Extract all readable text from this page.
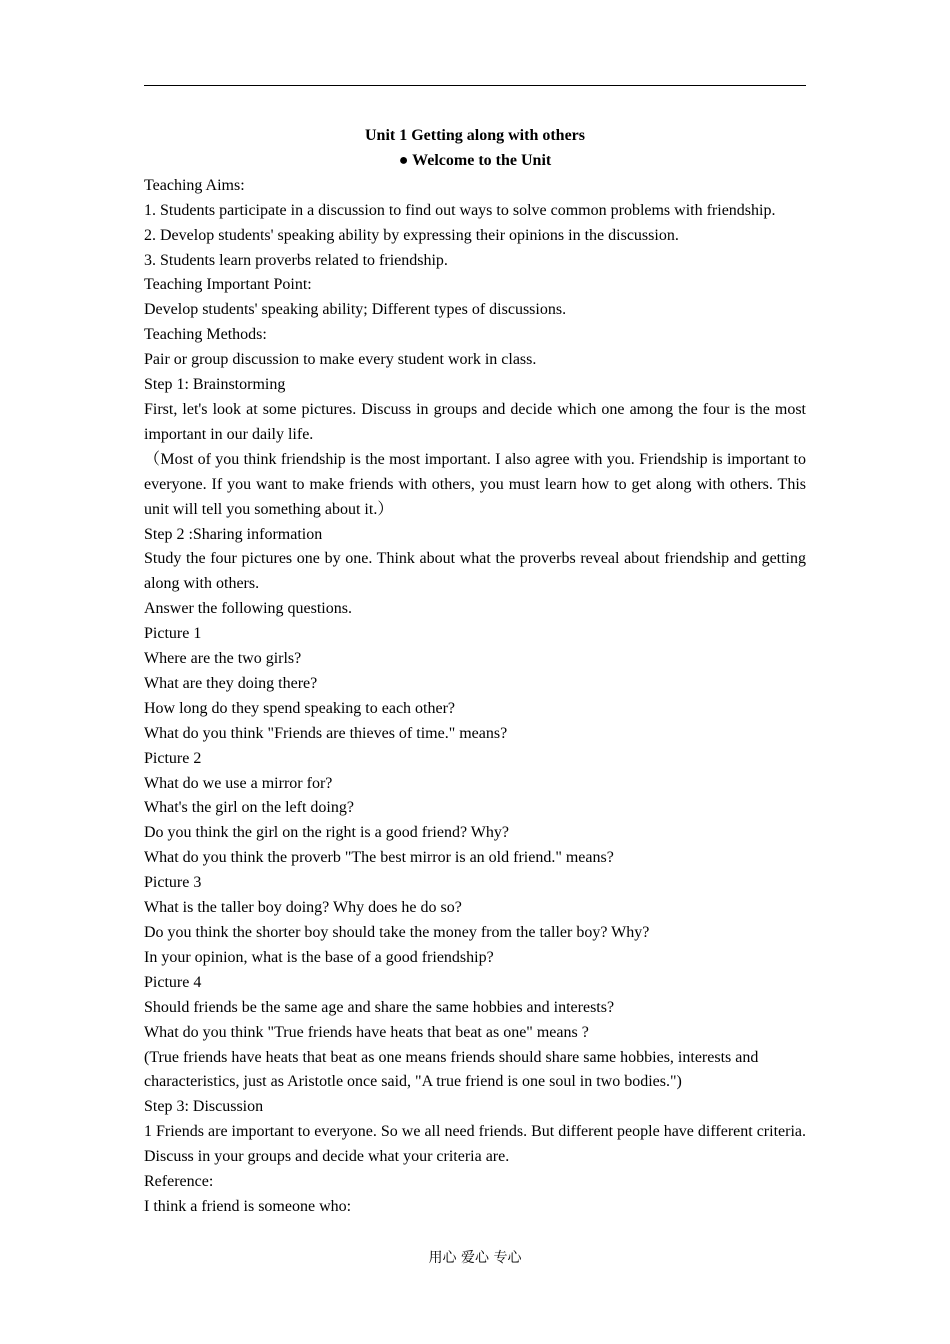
Unit 1 Getting along with others
● Welcome to the Unit

Teaching Aims:

1. Students participate in a discussion to find out ways to solve common problems with friendship.

2. Develop students' speaking ability by expressing their opinions in the discussion.

3. Students learn proverbs related to friendship.

Teaching Important Point:

Develop students' speaking ability; Different types of discussions.

Teaching Methods:

Pair or group discussion to make every student work in class.

Step 1: Brainstorming

First, let's look at some pictures. Discuss in groups and decide which one among the four is the most important in our daily life.

（Most of you think friendship is the most important. I also agree with you. Friendship is important to everyone. If you want to make friends with others, you must learn how to get along with others. This unit will tell you something about it.）

Step 2 :Sharing information

Study the four pictures one by one. Think about what the proverbs reveal about friendship and getting along with others.

Answer the following questions.

Picture 1

Where are the two girls?

What are they doing there?

How long do they spend speaking to each other?

What do you think "Friends are thieves of time." means?

Picture 2

What do we use a mirror for?

What's the girl on the left doing?

Do you think the girl on the right is a good friend? Why?

What do you think the proverb "The best mirror is an old friend." means?

Picture 3

What is the taller boy doing? Why does he do so?

Do you think the shorter boy should take the money from the taller boy? Why?

In your opinion, what is the base of a good friendship?

Picture 4

Should friends be the same age and share the same hobbies and interests?

What do you think "True friends have heats that beat as one" means ?

(True friends have heats that beat as one means friends should share same hobbies, interests and characteristics, just as Aristotle once said, "A true friend is one soul in two bodies.")

Step 3: Discussion

1 Friends are important to everyone. So we all need friends. But different people have different criteria. Discuss in your groups and decide what your criteria are.

Reference:

I think a friend is someone who:

用心 爱心 专心
